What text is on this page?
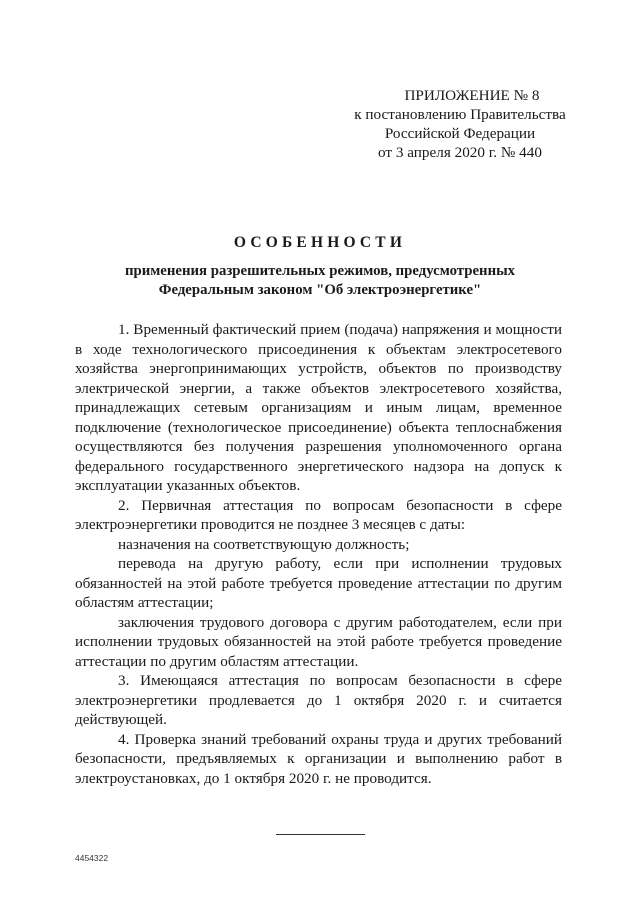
ПРИЛОЖЕНИЕ № 8
к постановлению Правительства
Российской Федерации
от 3 апреля 2020 г. № 440
ОСОБЕННОСТИ
применения разрешительных режимов, предусмотренных
Федеральным законом "Об электроэнергетике"

1. Временный фактический прием (подача) напряжения и мощности в ходе технологического присоединения к объектам электросетевого хозяйства энергопринимающих устройств, объектов по производству электрической энергии, а также объектов электросетевого хозяйства, принадлежащих сетевым организациям и иным лицам, временное подключение (технологическое присоединение) объекта теплоснабжения осуществляются без получения разрешения уполномоченного органа федерального государственного энергетического надзора на допуск к эксплуатации указанных объектов.

2. Первичная аттестация по вопросам безопасности в сфере электроэнергетики проводится не позднее 3 месяцев с даты:

назначения на соответствующую должность;

перевода на другую работу, если при исполнении трудовых обязанностей на этой работе требуется проведение аттестации по другим областям аттестации;

заключения трудового договора с другим работодателем, если при исполнении трудовых обязанностей на этой работе требуется проведение аттестации по другим областям аттестации.

3. Имеющаяся аттестация по вопросам безопасности в сфере электроэнергетики продлевается до 1 октября 2020 г. и считается действующей.

4. Проверка знаний требований охраны труда и других требований безопасности, предъявляемых к организации и выполнению работ в электроустановках, до 1 октября 2020 г. не проводится.

4454322
